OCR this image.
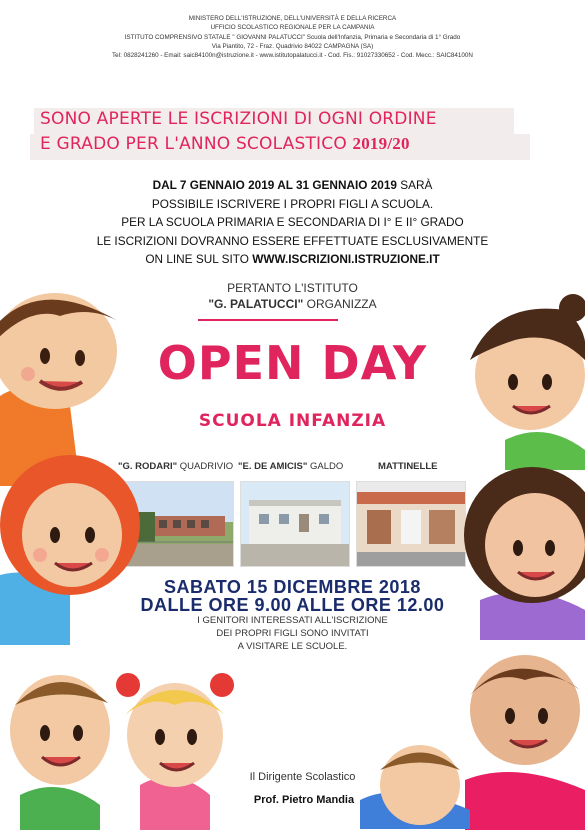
MINISTERO DELL'ISTRUZIONE, DELL'UNIVERSITÀ E DELLA RICERCA
UFFICIO SCOLASTICO REGIONALE PER LA CAMPANIA
ISTITUTO COMPRENSIVO STATALE " GIOVANNI PALATUCCI" Scuola dell'Infanzia, Primaria e Secondaria di 1° Grado
Via Piantito, 72 - Fraz. Quadrivio 84022 CAMPAGNA (SA)
Tel: 0828241260 - Email: saic84100n@istruzione.it - www.istitutopalatucci.it - Cod. Fis.: 91027330652 - Cod. Mecc.: SAIC84100N
SONO APERTE LE ISCRIZIONI DI OGNI ORDINE
E GRADO PER L'ANNO SCOLASTICO 2019/20
DAL 7 GENNAIO 2019 AL 31 GENNAIO 2019 SARÀ
POSSIBILE ISCRIVERE I PROPRI FIGLI A SCUOLA.
PER LA SCUOLA PRIMARIA E SECONDARIA DI I° E II° GRADO
LE ISCRIZIONI DOVRANNO ESSERE EFFETTUATE ESCLUSIVAMENTE
ON LINE SUL SITO WWW.ISCRIZIONI.ISTRUZIONE.IT
PERTANTO L'ISTITUTO
"G. PALATUCCI" ORGANIZZA
OPEN DAY
SCUOLA INFANZIA
"G. RODARI" QUADRIVIO "E. DE AMICIS" GALDO	MATTINELLE
SABATO 15 DICEMBRE 2018
DALLE ORE 9.00 ALLE ORE 12.00
I GENITORI INTERESSATI ALL'ISCRIZIONE
DEI PROPRI FIGLI SONO INVITATI
A VISITARE LE SCUOLE.
Il Dirigente Scolastico
Prof. Pietro Mandia
